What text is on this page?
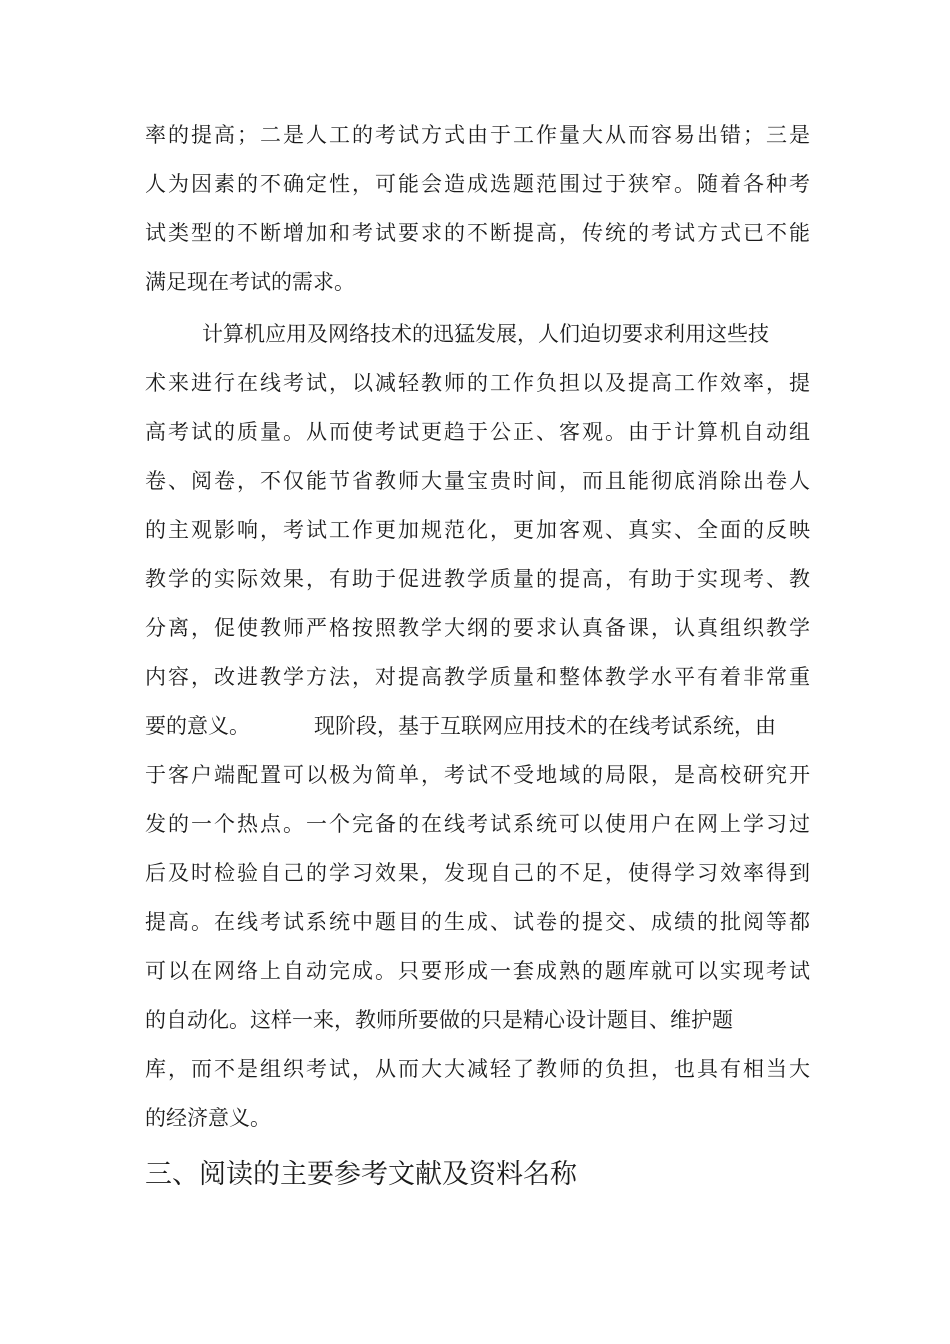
率的提高；二是人工的考试方式由于工作量大从而容易出错；三是
人为因素的不确定性，可能会造成选题范围过于狭窄。随着各种考
试类型的不断增加和考试要求的不断提高，传统的考试方式已不能
满足现在考试的需求。
计算机应用及网络技术的迅猛发展，人们迫切要求利用这些技
术来进行在线考试，以减轻教师的工作负担以及提高工作效率，提
高考试的质量。从而使考试更趋于公正、客观。由于计算机自动组
卷、阅卷，不仅能节省教师大量宝贵时间，而且能彻底消除出卷人
的主观影响，考试工作更加规范化，更加客观、真实、全面的反映
教学的实际效果，有助于促进教学质量的提高，有助于实现考、教
分离，促使教师严格按照教学大纲的要求认真备课，认真组织教学
内容，改进教学方法，对提高教学质量和整体教学水平有着非常重
要的意义。	现阶段，基于互联网应用技术的在线考试系统，由
于客户端配置可以极为简单，考试不受地域的局限，是高校研究开
发的一个热点。一个完备的在线考试系统可以使用户在网上学习过
后及时检验自己的学习效果，发现自己的不足，使得学习效率得到
提高。在线考试系统中题目的生成、试卷的提交、成绩的批阅等都
可以在网络上自动完成。只要形成一套成熟的题库就可以实现考试
的自动化。这样一来，教师所要做的只是精心设计题目、维护题
库，而不是组织考试，从而大大减轻了教师的负担，也具有相当大
的经济意义。
三、阅读的主要参考文献及资料名称
